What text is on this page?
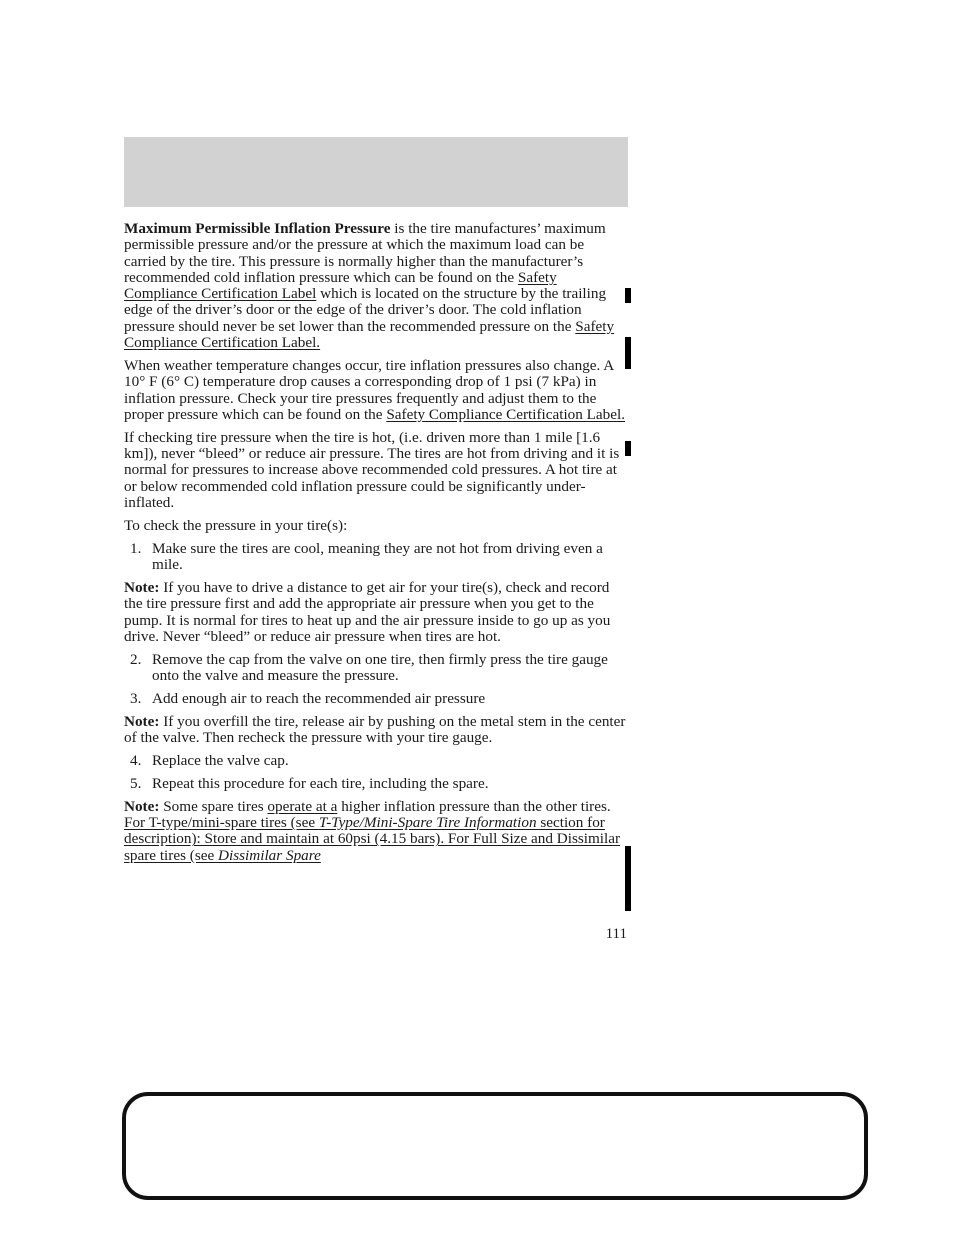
Maximum Permissible Inflation Pressure is the tire manufactures’ maximum permissible pressure and/or the pressure at which the maximum load can be carried by the tire. This pressure is normally higher than the manufacturer’s recommended cold inflation pressure which can be found on the Safety Compliance Certification Label which is located on the structure by the trailing edge of the driver’s door or the edge of the driver’s door. The cold inflation pressure should never be set lower than the recommended pressure on the Safety Compliance Certification Label.

When weather temperature changes occur, tire inflation pressures also change. A 10° F (6° C) temperature drop causes a corresponding drop of 1 psi (7 kPa) in inflation pressure. Check your tire pressures frequently and adjust them to the proper pressure which can be found on the Safety Compliance Certification Label.

If checking tire pressure when the tire is hot, (i.e. driven more than 1 mile [1.6 km]), never “bleed” or reduce air pressure. The tires are hot from driving and it is normal for pressures to increase above recommended cold pressures. A hot tire at or below recommended cold inflation pressure could be significantly under-inflated.

To check the pressure in your tire(s):

1. Make sure the tires are cool, meaning they are not hot from driving even a mile.

Note: If you have to drive a distance to get air for your tire(s), check and record the tire pressure first and add the appropriate air pressure when you get to the pump. It is normal for tires to heat up and the air pressure inside to go up as you drive. Never “bleed” or reduce air pressure when tires are hot.

2. Remove the cap from the valve on one tire, then firmly press the tire gauge onto the valve and measure the pressure.
3. Add enough air to reach the recommended air pressure

Note: If you overfill the tire, release air by pushing on the metal stem in the center of the valve. Then recheck the pressure with your tire gauge.

4. Replace the valve cap.
5. Repeat this procedure for each tire, including the spare.

Note: Some spare tires operate at a higher inflation pressure than the other tires. For T-type/mini-spare tires (see T-Type/Mini-Spare Tire Information section for description): Store and maintain at 60psi (4.15 bars). For Full Size and Dissimilar spare tires (see Dissimilar Spare

111
